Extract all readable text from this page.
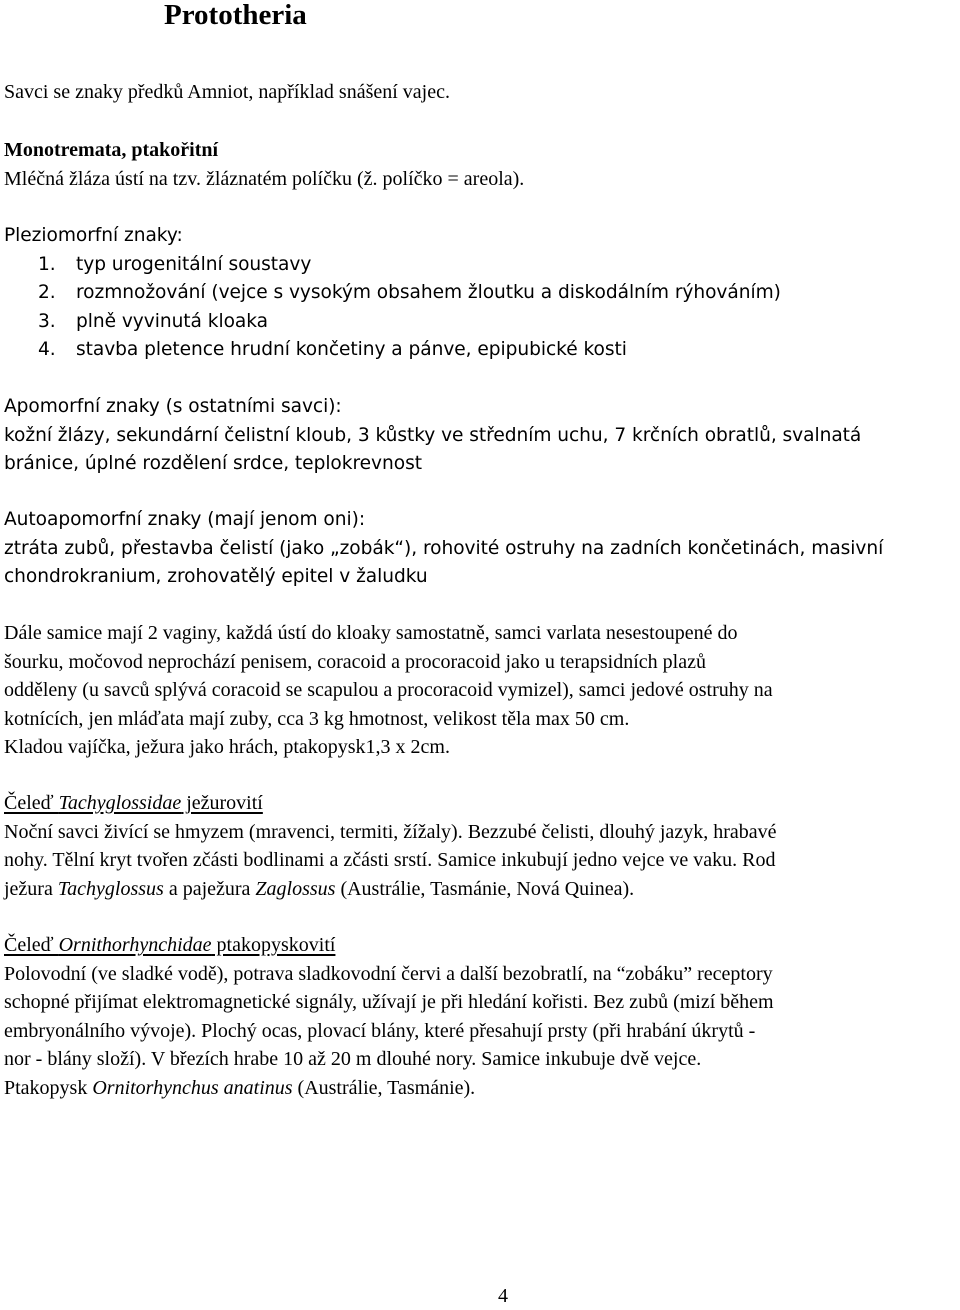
Prototheria

Savci se znaky předků Amniot, například snášení vajec.

Monotremata, ptakořitní

Mléčná žláza ústí na tzv. žláznatém políčku (ž. políčko = areola).

Pleziomorfní znaky:

1.	typ urogenitální soustavy
2.	rozmnožování (vejce s vysokým obsahem žloutku a diskodálním rýhováním)
3.	plně vyvinutá kloaka
4.	stavba pletence hrudní končetiny a pánve, epipubické kosti

Apomorfní znaky (s ostatními savci):

kožní žlázy, sekundární čelistní kloub, 3 kůstky ve středním uchu, 7 krčních obratlů, svalnatá

bránice, úplné rozdělení srdce, teplokrevnost

Autoapomorfní znaky (mají jenom oni):

ztráta zubů, přestavba čelistí (jako „zobák“), rohovité ostruhy na zadních končetinách, masivní

chondrokranium, zrohovatělý epitel v žaludku

Dále samice mají 2 vaginy, každá ústí do kloaky samostatně, samci varlata nesestoupené do

šourku, močovod neprochází penisem, coracoid a procoracoid jako u terapsidních plazů

odděleny (u savců splývá coracoid se scapulou a procoracoid vymizel), samci jedové ostruhy na

kotnících, jen mláďata mají zuby, cca 3 kg hmotnost, velikost těla max 50 cm.

Kladou vajíčka, ježura jako hrách, ptakopysk1,3 x 2cm.

Čeleď Tachyglossidae ježurovití

Noční savci živící se hmyzem (mravenci, termiti, žížaly). Bezzubé čelisti, dlouhý jazyk, hrabavé

nohy. Tělní kryt tvořen zčásti bodlinami a zčásti srstí. Samice inkubují jedno vejce ve vaku. Rod

ježura Tachyglossus a paježura Zaglossus (Austrálie, Tasmánie, Nová Quinea).

Čeleď Ornithorhynchidae ptakopyskovití

Polovodní (ve sladké vodě), potrava sladkovodní červi a další bezobratlí, na “zobáku” receptory

schopné přijímat elektromagnetické signály, užívají je při hledání kořisti. Bez zubů (mizí během

embryonálního vývoje). Plochý ocas, plovací blány, které přesahují prsty (při hrabání úkrytů -

nor - blány složí). V březích hrabe 10 až 20 m dlouhé nory. Samice inkubuje dvě vejce.

Ptakopysk Ornitorhynchus anatinus (Austrálie, Tasmánie).

4
